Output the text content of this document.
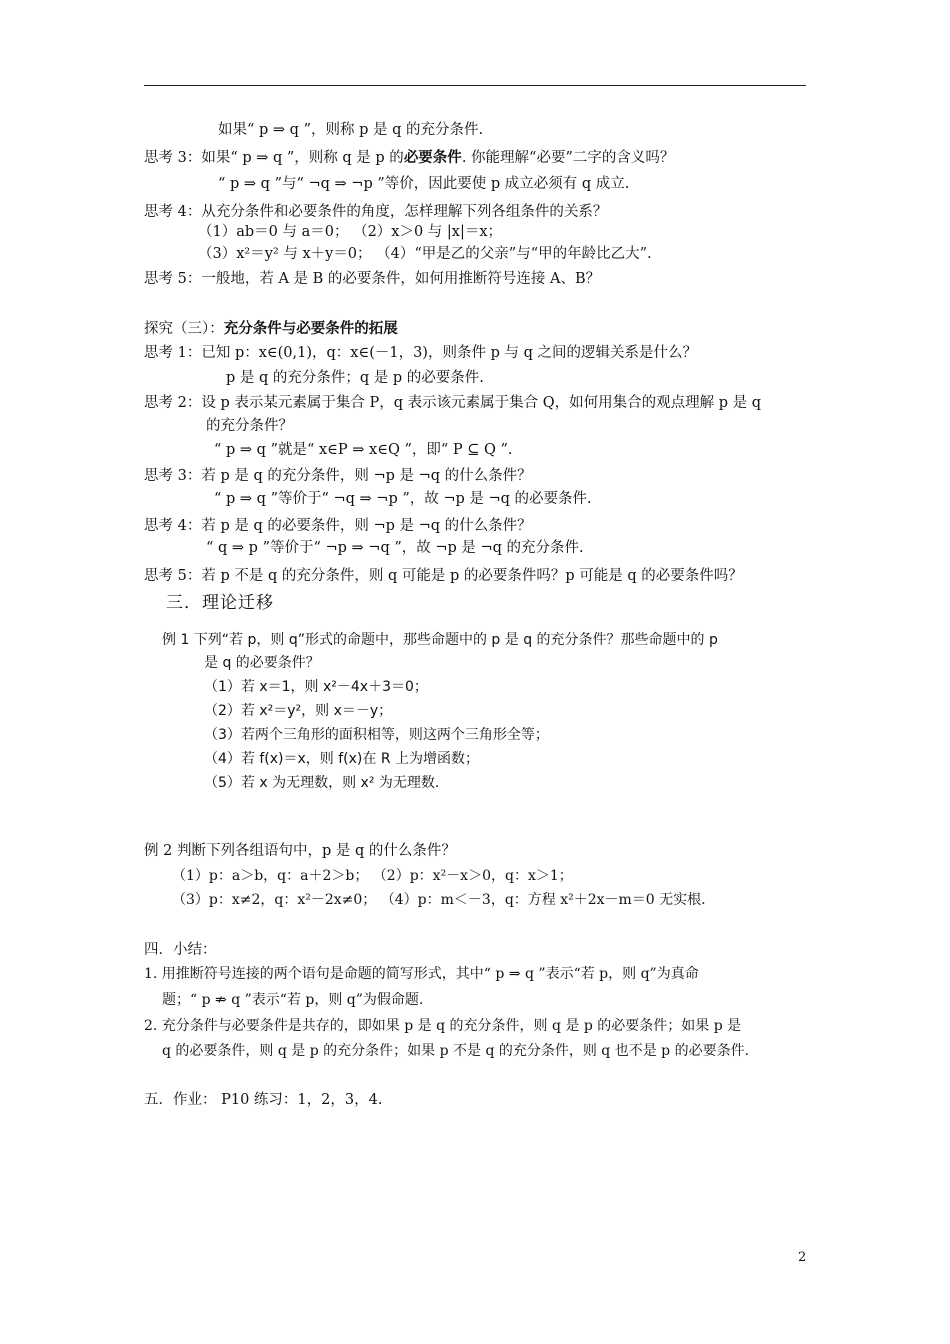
如果“ p ⇒ q ”，则称 p 是 q 的充分条件.
思考 3：如果“ p ⇒ q ”，则称 q 是 p 的必要条件. 你能理解“必要”二字的含义吗？
“ p ⇒ q ”与“ ¬q ⇒ ¬p ”等价，因此要使 p 成立必须有 q 成立.
思考 4：从充分条件和必要条件的角度，怎样理解下列各组条件的关系？
（1）ab＝0 与 a＝0； （2）x＞0 与 |x|＝x；
（3）x²＝y² 与 x＋y＝0； （4）“甲是乙的父亲”与“甲的年龄比乙大”.
思考 5：一般地，若 A 是 B 的必要条件，如何用推断符号连接 A、B？
探究（三）：充分条件与必要条件的拓展
思考 1：已知 p：x∈(0,1)，q：x∈(－1，3)，则条件 p 与 q 之间的逻辑关系是什么？
p 是 q 的充分条件；q 是 p 的必要条件.
思考 2：设 p 表示某元素属于集合 P，q 表示该元素属于集合 Q，如何用集合的观点理解 p 是 q
的充分条件？
“ p ⇒ q ”就是“ x∈P ⇒ x∈Q ”，即“ P ⊆ Q ”.
思考 3：若 p 是 q 的充分条件，则 ¬p 是 ¬q 的什么条件？
“ p ⇒ q ”等价于“ ¬q ⇒ ¬p ”，故 ¬p 是 ¬q 的必要条件.
思考 4：若 p 是 q 的必要条件，则 ¬p 是 ¬q 的什么条件？
“ q ⇒ p ”等价于“ ¬p ⇒ ¬q ”，故 ¬p 是 ¬q 的充分条件.
思考 5：若 p 不是 q 的充分条件，则 q 可能是 p 的必要条件吗？p 可能是 q 的必要条件吗？
三．理论迁移
例 1 下列“若 p，则 q”形式的命题中，那些命题中的 p 是 q 的充分条件？那些命题中的 p
是 q 的必要条件？
（1）若 x＝1，则 x²－4x＋3＝0；
（2）若 x²＝y²，则 x＝－y；
（3）若两个三角形的面积相等，则这两个三角形全等；
（4）若 f(x)＝x，则 f(x)在 R 上为增函数；
（5）若 x 为无理数，则 x² 为无理数.
例 2 判断下列各组语句中，p 是 q 的什么条件？
（1）p：a＞b，q：a＋2＞b； （2）p：x²－x＞0，q：x＞1；
（3）p：x≠2，q：x²－2x≠0； （4）p：m＜－3，q：方程 x²＋2x－m＝0 无实根.
四．小结：
1. 用推断符号连接的两个语句是命题的简写形式，其中“ p ⇒ q ”表示“若 p，则 q”为真命
题；“ p ⇏ q ”表示“若 p，则 q”为假命题.
2. 充分条件与必要条件是共存的，即如果 p 是 q 的充分条件，则 q 是 p 的必要条件；如果 p 是
q 的必要条件，则 q 是 p 的充分条件；如果 p 不是 q 的充分条件，则 q 也不是 p 的必要条件.
五．作业： P10 练习：1，2，3，4.
2
